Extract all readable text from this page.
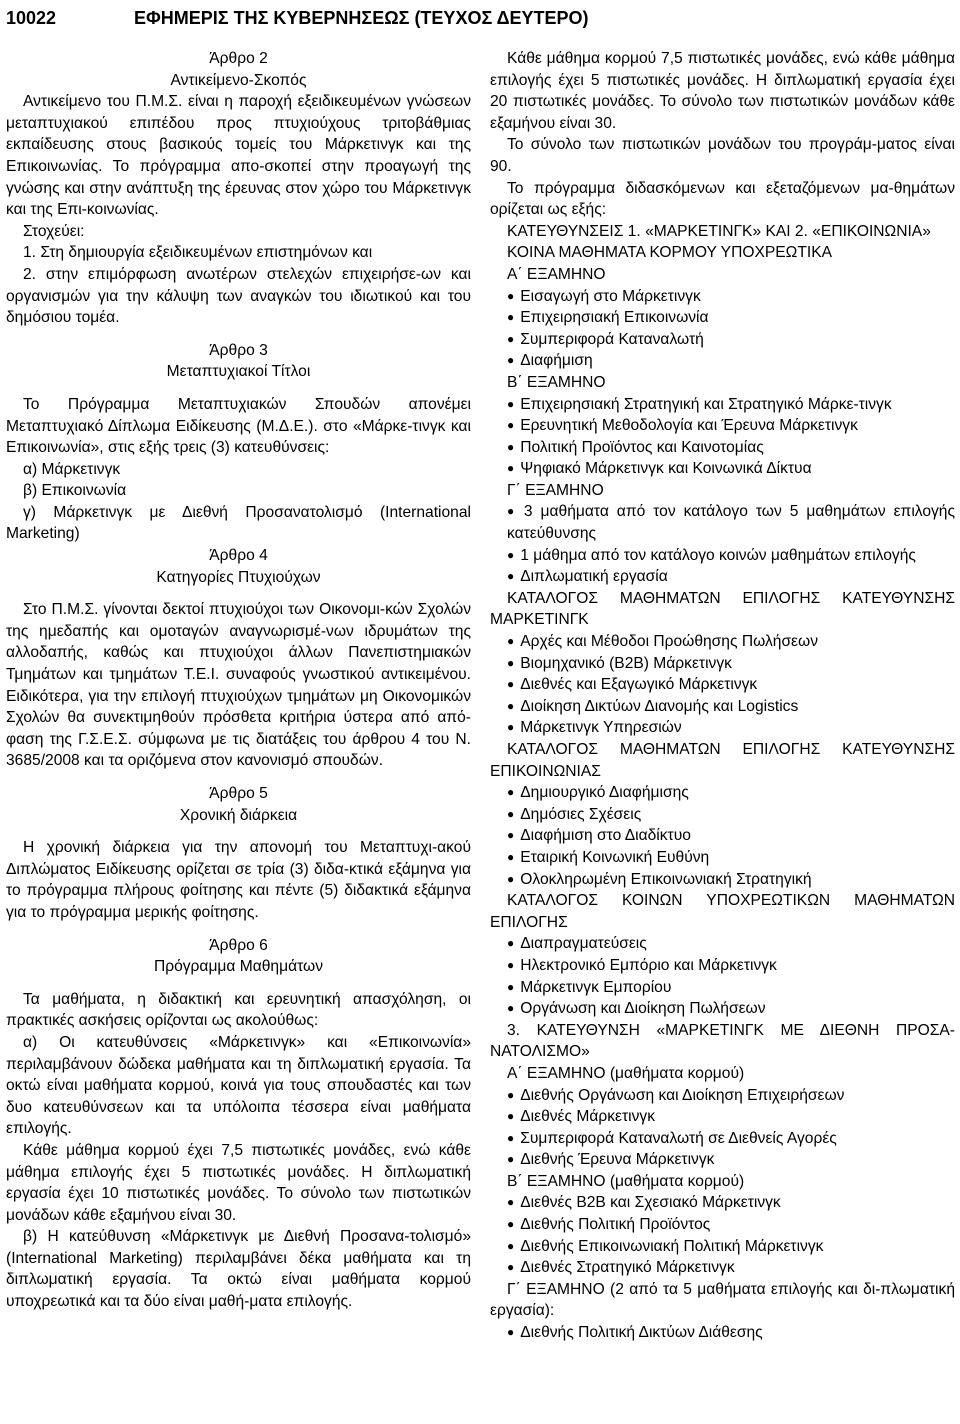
10022	ΕΦΗΜΕΡΙΣ ΤΗΣ ΚΥΒΕΡΝΗΣΕΩΣ (ΤΕΥΧΟΣ ΔΕΥΤΕΡΟ)

Άρθρο 2

Αντικείμενο-Σκοπός

Αντικείμενο του Π.Μ.Σ. είναι η παροχή εξειδικευμένων γνώσεων μεταπτυχιακού επιπέδου προς πτυχιούχους τριτοβάθμιας εκπαίδευσης στους βασικούς τομείς του Μάρκετινγκ και της Επικοινωνίας. Το πρόγραμμα απο-σκοπεί στην προαγωγή της γνώσης και στην ανάπτυξη της έρευνας στον χώρο του Μάρκετινγκ και της Επι-κοινωνίας.

Στοχεύει:

1. Στη δημιουργία εξειδικευμένων επιστημόνων και

2. στην επιμόρφωση ανωτέρων στελεχών επιχειρήσε-ων και οργανισμών για την κάλυψη των αναγκών του ιδιωτικού και του δημόσιου τομέα.

Άρθρο 3

Μεταπτυχιακοί Τίτλοι

Το Πρόγραμμα Μεταπτυχιακών Σπουδών απονέμει Μεταπτυχιακό Δίπλωμα Ειδίκευσης (Μ.Δ.Ε.). στο «Μάρκε-τινγκ και Επικοινωνία», στις εξής τρεις (3) κατευθύνσεις:

α) Μάρκετινγκ

β) Επικοινωνία

γ) Μάρκετινγκ με Διεθνή Προσανατολισμό (International Marketing)

Άρθρο 4

Κατηγορίες Πτυχιούχων

Στο Π.Μ.Σ. γίνονται δεκτοί πτυχιούχοι των Οικονομι-κών Σχολών της ημεδαπής και ομοταγών αναγνωρισμέ-νων ιδρυμάτων της αλλοδαπής, καθώς και πτυχιούχοι άλλων Πανεπιστημιακών Τμημάτων και τμημάτων Τ.Ε.Ι. συναφούς γνωστικού αντικειμένου. Ειδικότερα, για την επιλογή πτυχιούχων τμημάτων μη Οικονομικών Σχολών θα συνεκτιμηθούν πρόσθετα κριτήρια ύστερα από από-φαση της Γ.Σ.Ε.Σ. σύμφωνα με τις διατάξεις του άρθρου 4 του Ν. 3685/2008 και τα οριζόμενα στον κανονισμό σπουδών.

Άρθρο 5

Χρονική διάρκεια

Η χρονική διάρκεια για την απονομή του Μεταπτυχι-ακού Διπλώματος Ειδίκευσης ορίζεται σε τρία (3) διδα-κτικά εξάμηνα για το πρόγραμμα πλήρους φοίτησης και πέντε (5) διδακτικά εξάμηνα για το πρόγραμμα μερικής φοίτησης.

Άρθρο 6

Πρόγραμμα Μαθημάτων

Τα μαθήματα, η διδακτική και ερευνητική απασχόληση, οι πρακτικές ασκήσεις ορίζονται ως ακολούθως:

α) Οι κατευθύνσεις «Μάρκετινγκ» και «Επικοινωνία» περιλαμβάνουν δώδεκα μαθήματα και τη διπλωματική εργασία. Τα οκτώ είναι μαθήματα κορμού, κοινά για τους σπουδαστές και των δυο κατευθύνσεων και τα υπόλοιπα τέσσερα είναι μαθήματα επιλογής.

Κάθε μάθημα κορμού έχει 7,5 πιστωτικές μονάδες, ενώ κάθε μάθημα επιλογής έχει 5 πιστωτικές μονάδες. Η διπλωματική εργασία έχει 10 πιστωτικές μονάδες. Το σύνολο των πιστωτικών μονάδων κάθε εξαμήνου είναι 30.

β) Η κατεύθυνση «Μάρκετινγκ με Διεθνή Προσανα-τολισμό» (International Marketing) περιλαμβάνει δέκα μαθήματα και τη διπλωματική εργασία. Τα οκτώ είναι μαθήματα κορμού υποχρεωτικά και τα δύο είναι μαθή-ματα επιλογής.

Κάθε μάθημα κορμού 7,5 πιστωτικές μονάδες, ενώ κάθε μάθημα επιλογής έχει 5 πιστωτικές μονάδες. Η διπλωματική εργασία έχει 20 πιστωτικές μονάδες. Το σύνολο των πιστωτικών μονάδων κάθε εξαμήνου είναι 30.

Το σύνολο των πιστωτικών μονάδων του προγράμ-ματος είναι 90.

Το πρόγραμμα διδασκόμενων και εξεταζόμενων μα-θημάτων ορίζεται ως εξής:

ΚΑΤΕΥΘΥΝΣΕΙΣ 1. «ΜΑΡΚΕΤΙΝΓΚ» ΚΑΙ 2. «ΕΠΙΚΟΙΝΩΝΙΑ»

ΚΟΙΝΑ ΜΑΘΗΜΑΤΑ ΚΟΡΜΟΥ ΥΠΟΧΡΕΩΤΙΚΑ

Α΄ ΕΞΑΜΗΝΟ

● Εισαγωγή στο Μάρκετινγκ
● Επιχειρησιακή Επικοινωνία
● Συμπεριφορά Καταναλωτή
● Διαφήμιση

Β΄ ΕΞΑΜΗΝΟ

● Επιχειρησιακή Στρατηγική και Στρατηγικό Μάρκε-τινγκ
● Ερευνητική Μεθοδολογία και Έρευνα Μάρκετινγκ
● Πολιτική Προϊόντος και Καινοτομίας
● Ψηφιακό Μάρκετινγκ και Κοινωνικά Δίκτυα

Γ΄ ΕΞΑΜΗΝΟ

● 3 μαθήματα από τον κατάλογο των 5 μαθημάτων επιλογής κατεύθυνσης
● 1 μάθημα από τον κατάλογο κοινών μαθημάτων επιλογής
● Διπλωματική εργασία

ΚΑΤΑΛΟΓΟΣ ΜΑΘΗΜΑΤΩΝ ΕΠΙΛΟΓΗΣ ΚΑΤΕΥΘΥΝΣΗΣ ΜΑΡΚΕΤΙΝΓΚ

● Αρχές και Μέθοδοι Προώθησης Πωλήσεων
● Βιομηχανικό (Β2Β) Μάρκετινγκ
● Διεθνές και Εξαγωγικό Μάρκετινγκ
● Διοίκηση Δικτύων Διανομής και Logistics
● Μάρκετινγκ Υπηρεσιών

ΚΑΤΑΛΟΓΟΣ ΜΑΘΗΜΑΤΩΝ ΕΠΙΛΟΓΗΣ ΚΑΤΕΥΘΥΝΣΗΣ ΕΠΙΚΟΙΝΩΝΙΑΣ

● Δημιουργικό Διαφήμισης
● Δημόσιες Σχέσεις
● Διαφήμιση στο Διαδίκτυο
● Εταιρική Κοινωνική Ευθύνη
● Ολοκληρωμένη Επικοινωνιακή Στρατηγική

ΚΑΤΑΛΟΓΟΣ ΚΟΙΝΩΝ ΥΠΟΧΡΕΩΤΙΚΩΝ ΜΑΘΗΜΑΤΩΝ ΕΠΙΛΟΓΗΣ

● Διαπραγματεύσεις
● Ηλεκτρονικό Εμπόριο και Μάρκετινγκ
● Μάρκετινγκ Εμπορίου
● Οργάνωση και Διοίκηση Πωλήσεων

3. ΚΑΤΕΥΘΥΝΣΗ «ΜΑΡΚΕΤΙΝΓΚ ΜΕ ΔΙΕΘΝΗ ΠΡΟΣΑ-ΝΑΤΟΛΙΣΜΟ»

Α΄ ΕΞΑΜΗΝΟ (μαθήματα κορμού)

● Διεθνής Οργάνωση και Διοίκηση Επιχειρήσεων
● Διεθνές Μάρκετινγκ
● Συμπεριφορά Καταναλωτή σε Διεθνείς Αγορές
● Διεθνής Έρευνα Μάρκετινγκ

Β΄ ΕΞΑΜΗΝΟ (μαθήματα κορμού)

● Διεθνές Β2Β και Σχεσιακό Μάρκετινγκ
● Διεθνής Πολιτική Προϊόντος
● Διεθνής Επικοινωνιακή Πολιτική Μάρκετινγκ
● Διεθνές Στρατηγικό Μάρκετινγκ

Γ΄ ΕΞΑΜΗΝΟ (2 από τα 5 μαθήματα επιλογής και δι-πλωματική εργασία):

● Διεθνής Πολιτική Δικτύων Διάθεσης
